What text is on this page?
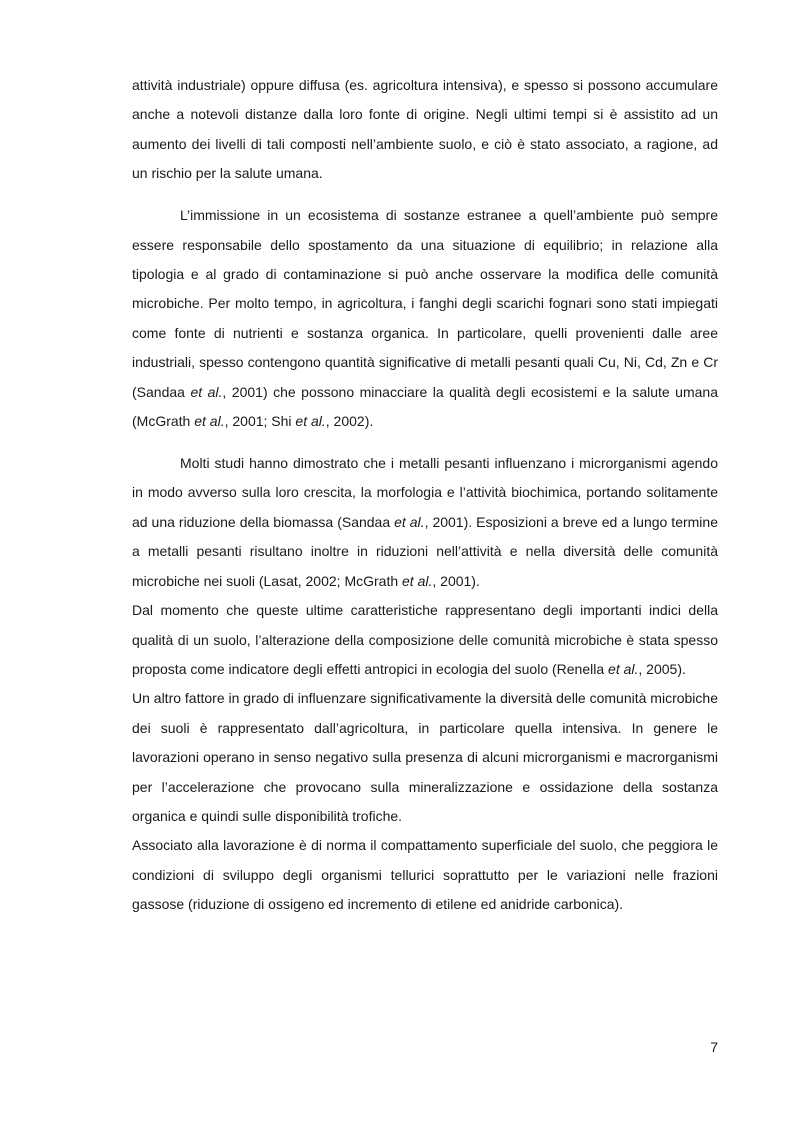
attività industriale) oppure diffusa (es. agricoltura intensiva), e spesso si possono accumulare anche a notevoli distanze dalla loro fonte di origine. Negli ultimi tempi si è assistito ad un aumento dei livelli di tali composti nell’ambiente suolo, e ciò è stato associato, a ragione, ad un rischio per la salute umana.

L’immissione in un ecosistema di sostanze estranee a quell’ambiente può sempre essere responsabile dello spostamento da una situazione di equilibrio; in relazione alla tipologia e al grado di contaminazione si può anche osservare la modifica delle comunità microbiche. Per molto tempo, in agricoltura, i fanghi degli scarichi fognari sono stati impiegati come fonte di nutrienti e sostanza organica. In particolare, quelli provenienti dalle aree industriali, spesso contengono quantità significative di metalli pesanti quali Cu, Ni, Cd, Zn e Cr (Sandaa et al., 2001) che possono minacciare la qualità degli ecosistemi e la salute umana (McGrath et al., 2001; Shi et al., 2002).

Molti studi hanno dimostrato che i metalli pesanti influenzano i microrganismi agendo in modo avverso sulla loro crescita, la morfologia e l’attività biochimica, portando solitamente ad una riduzione della biomassa (Sandaa et al., 2001). Esposizioni a breve ed a lungo termine a metalli pesanti risultano inoltre in riduzioni nell’attività e nella diversità delle comunità microbiche nei suoli (Lasat, 2002; McGrath et al., 2001).

Dal momento che queste ultime caratteristiche rappresentano degli importanti indici della qualità di un suolo, l’alterazione della composizione delle comunità microbiche è stata spesso proposta come indicatore degli effetti antropici in ecologia del suolo (Renella et al., 2005).

Un altro fattore in grado di influenzare significativamente la diversità delle comunità microbiche dei suoli è rappresentato dall’agricoltura, in particolare quella intensiva. In genere le lavorazioni operano in senso negativo sulla presenza di alcuni microrganismi e macrorganismi per l’accelerazione che provocano sulla mineralizzazione e ossidazione della sostanza organica e quindi sulle disponibilità trofiche.

Associato alla lavorazione è di norma il compattamento superficiale del suolo, che peggiora le condizioni di sviluppo degli organismi tellurici soprattutto per le variazioni nelle frazioni gassose (riduzione di ossigeno ed incremento di etilene ed anidride carbonica).

7
